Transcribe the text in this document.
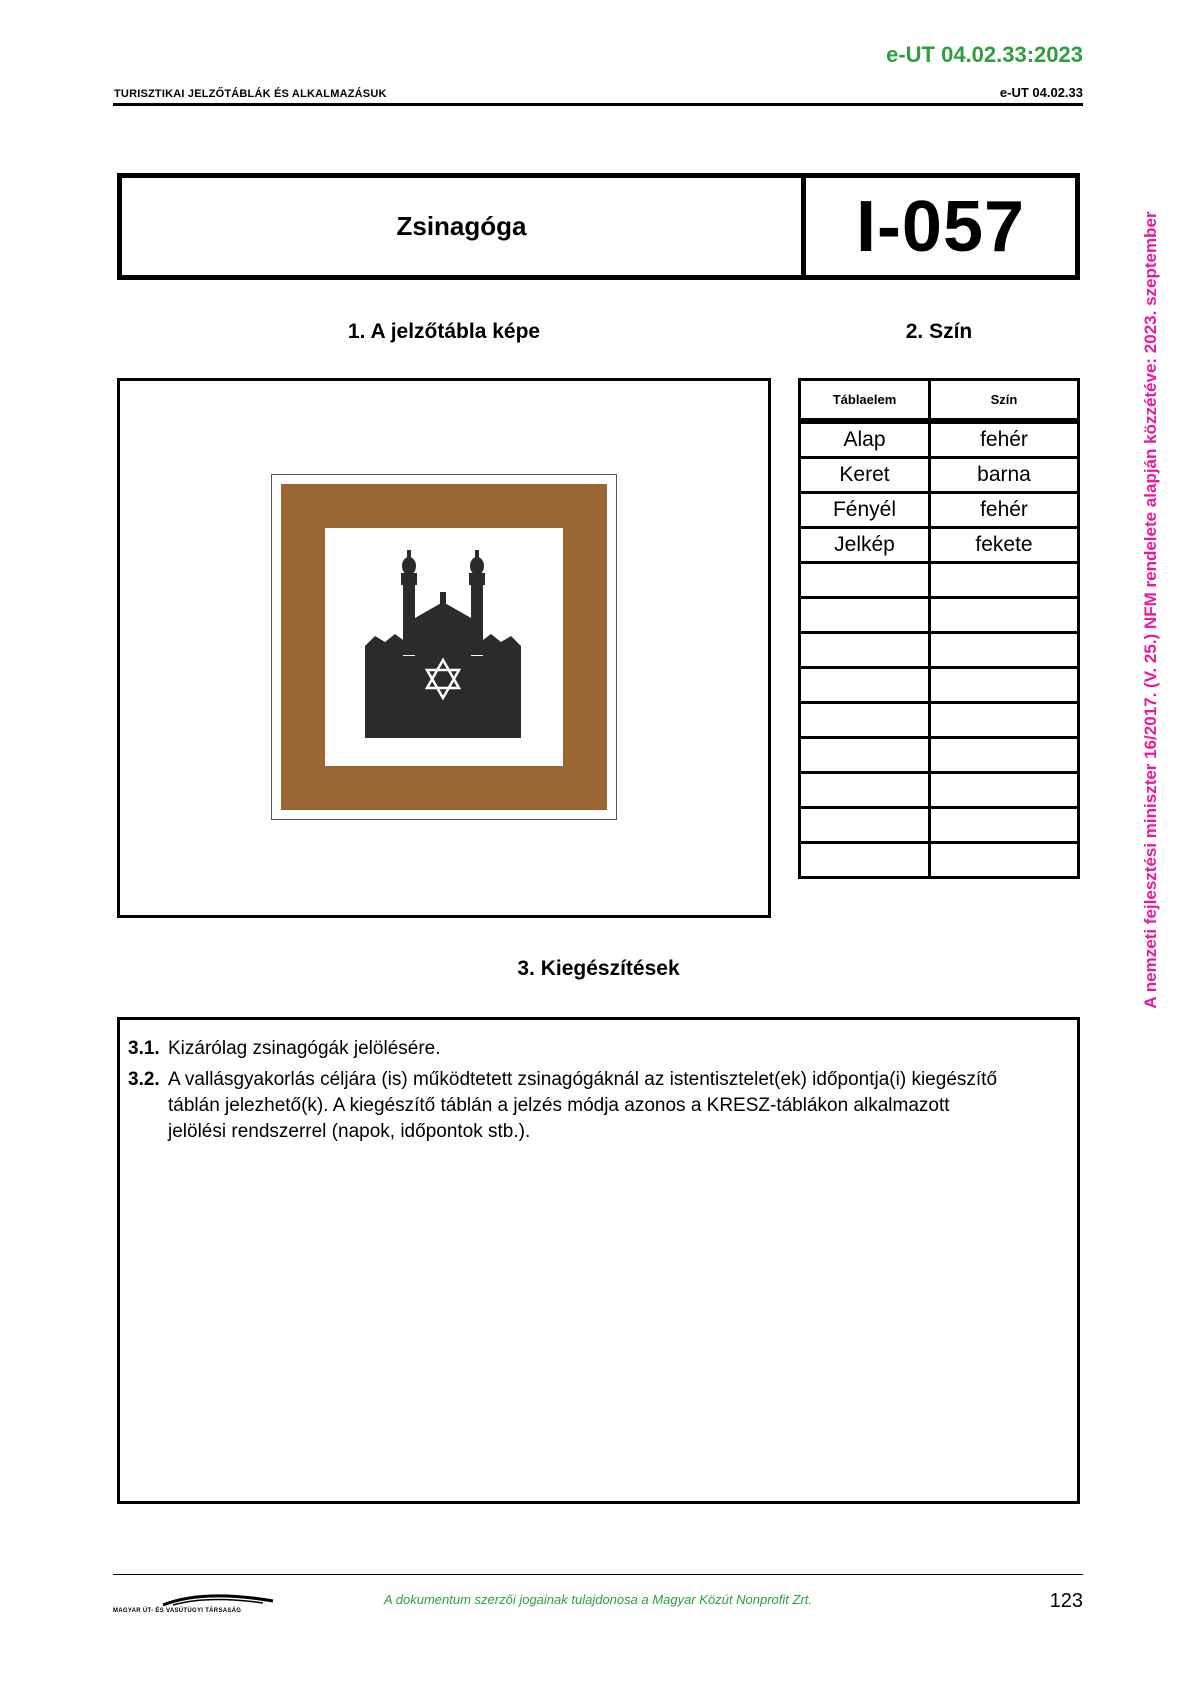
e-UT 04.02.33:2023
TURISZTIKAI JELZŐTÁBLÁK ÉS ALKALMAZÁSUK	e-UT 04.02.33
A nemzeti fejlesztési miniszter 16/2017. (V. 25.) NFM rendelete alapján közzétéve: 2023. szeptember
Zsinagóga	I-057
1. A jelzőtábla képe	2. Szín
Táblaelem	Szín
Alap	fehér
Keret	barna
Fényél	fehér
Jelkép	fekete

3. Kiegészítések
3.1. Kizárólag zsinagógák jelölésére.
3.2. A vallásgyakorlás céljára (is) működtetett zsinagógáknál az istentisztelet(ek) időpontja(i) kiegészítő táblán jelezhető(k). A kiegészítő táblán a jelzés módja azonos a KRESZ-táblákon alkalmazott jelölési rendszerrel (napok, időpontok stb.).
MAGYAR ÚT- ÉS VASÚTÜGYI TÁRSASÁG
A dokumentum szerzői jogainak tulajdonosa a Magyar Közút Nonprofit Zrt.	123
